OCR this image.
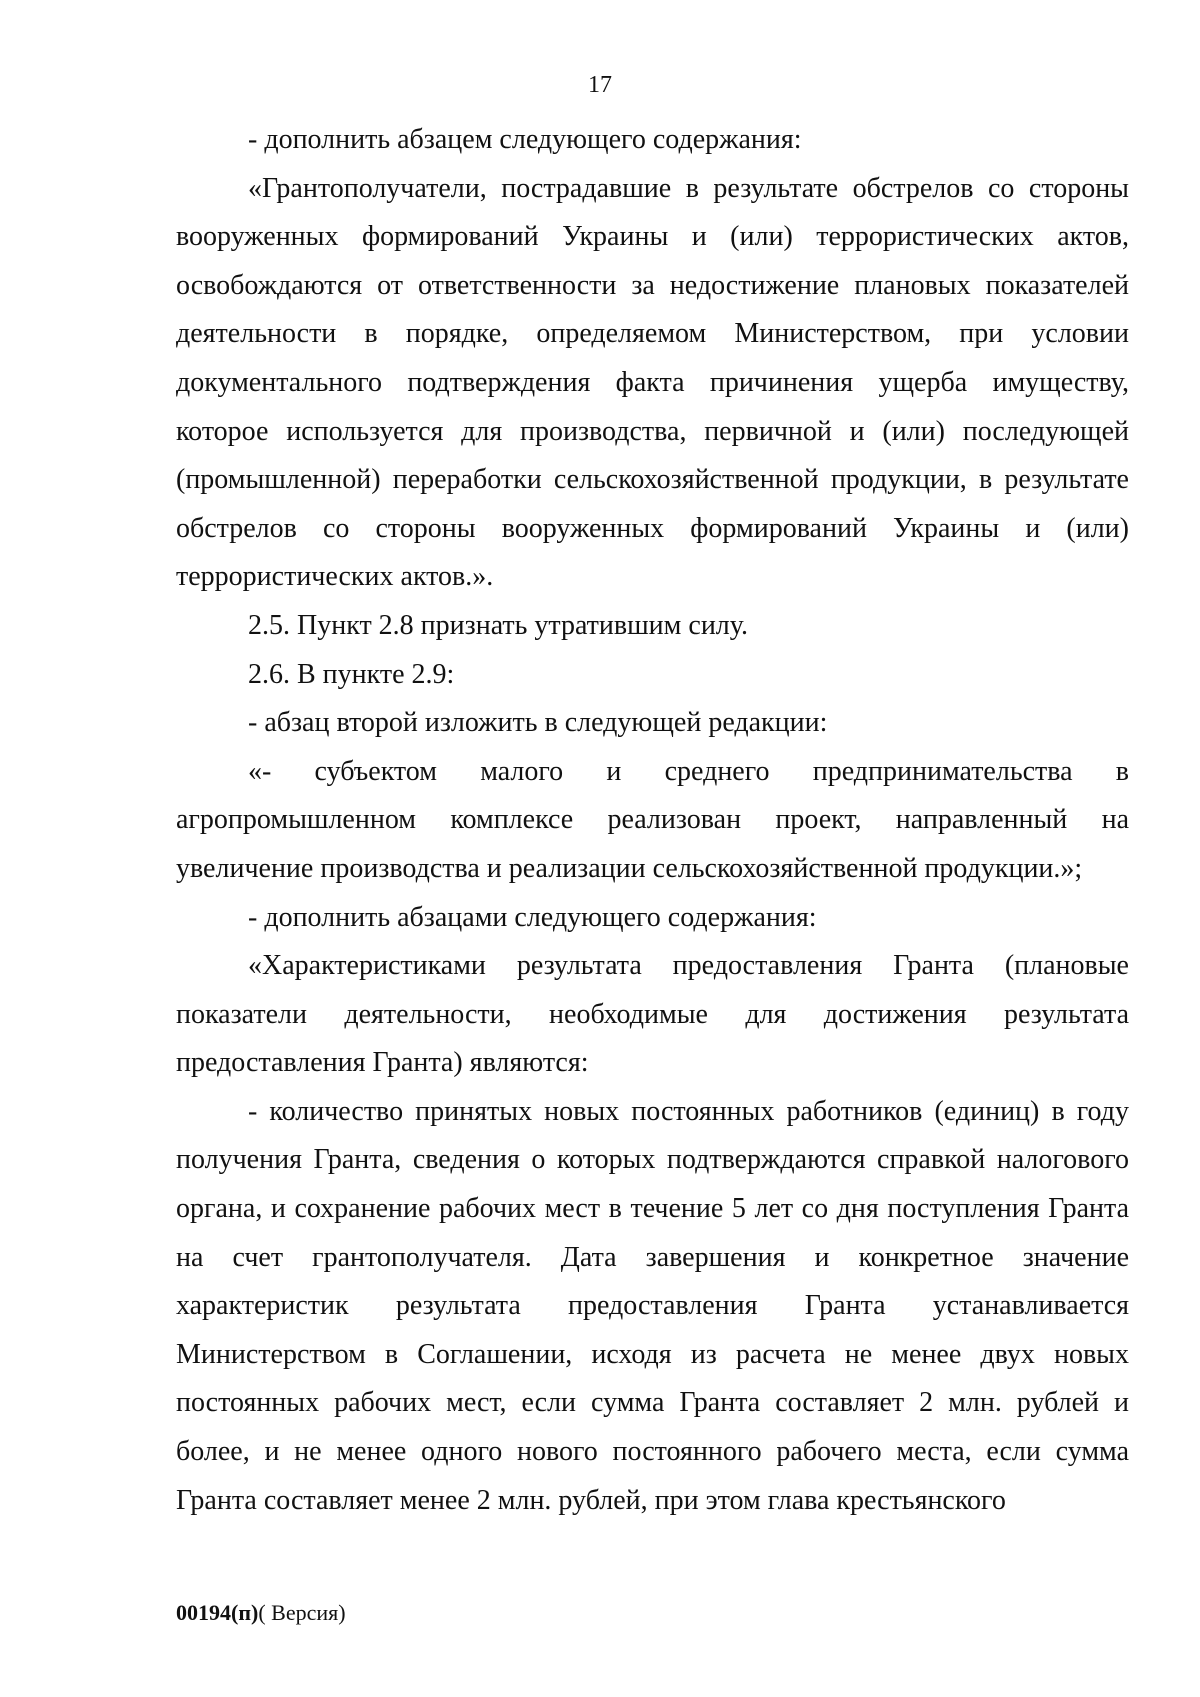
17

- дополнить абзацем следующего содержания:

«Грантополучатели, пострадавшие в результате обстрелов со стороны вооруженных формирований Украины и (или) террористических актов, освобождаются от ответственности за недостижение плановых показателей деятельности в порядке, определяемом Министерством, при условии документального подтверждения факта причинения ущерба имуществу, которое используется для производства, первичной и (или) последующей (промышленной) переработки сельскохозяйственной продукции, в результате обстрелов со стороны вооруженных формирований Украины и (или) террористических актов.».

2.5. Пункт 2.8 признать утратившим силу.

2.6. В пункте 2.9:

- абзац второй изложить в следующей редакции:

«- субъектом малого и среднего предпринимательства в агропромышленном комплексе реализован проект, направленный на увеличение производства и реализации сельскохозяйственной продукции.»;

- дополнить абзацами следующего содержания:

«Характеристиками результата предоставления Гранта (плановые показатели деятельности, необходимые для достижения результата предоставления Гранта) являются:

- количество принятых новых постоянных работников (единиц) в году получения Гранта, сведения о которых подтверждаются справкой налогового органа, и сохранение рабочих мест в течение 5 лет со дня поступления Гранта на счет грантополучателя. Дата завершения и конкретное значение характеристик результата предоставления Гранта устанавливается Министерством в Соглашении, исходя из расчета не менее двух новых постоянных рабочих мест, если сумма Гранта составляет 2 млн. рублей и более, и не менее одного нового постоянного рабочего места, если сумма Гранта составляет менее 2 млн. рублей, при этом глава крестьянского

00194(п)( Версия)
